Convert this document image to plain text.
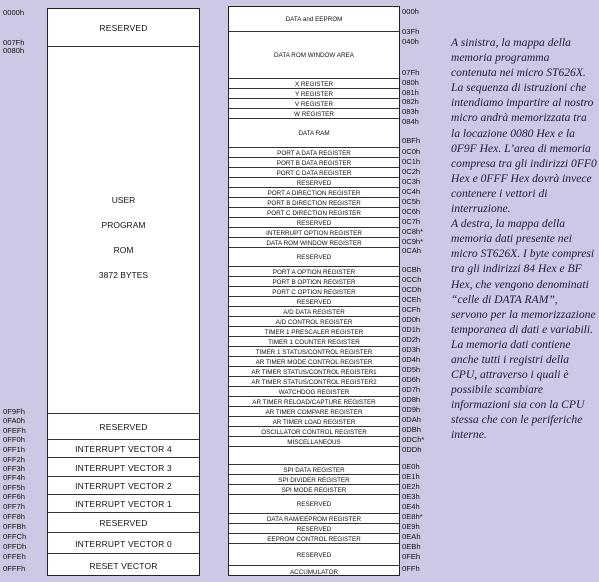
RESERVED
RESERVED
INTERRUPT VECTOR 4
INTERRUPT VECTOR 3
INTERRUPT VECTOR 2
INTERRUPT VECTOR 1
RESERVED
INTERRUPT VECTOR 0
RESET VECTOR
USER
PROGRAM
ROM
3872 BYTES
0000h
007Fh
0080h
0F9Fh
0FA0h
0FEFh
0FF0h
0FF1h
0FF2h
0FF3h
0FF4h
0FF5h
0FF6h
0FF7h
0FF8h
0FFBh
0FFCh
0FFDh
0FFEh
0FFFh
DATA and EEPROM
DATA ROM WINDOW AREA
X REGISTER
Y REGISTER
V REGISTER
W REGISTER
DATA RAM
PORT A DATA REGISTER
PORT B DATA REGISTER
PORT C DATA REGISTER
RESERVED
PORT A DIRECTION REGISTER
PORT B DIRECTION REGISTER
PORT C DIRECTION REGISTER
RESERVED
INTERRUPT OPTION REGISTER
DATA ROM WINDOW REGISTER
RESERVED
PORT A OPTION REGISTER
PORT B OPTION REGISTER
PORT C OPTION REGISTER
RESERVED
A/D DATA REGISTER
A/D CONTROL REGISTER
TIMER 1 PRESCALER REGISTER
TIMER 1 COUNTER REGISTER
TIMER 1 STATUS/CONTROL REGISTER
AR TIMER MODE CONTROL REGISTER
AR TIMER STATUS/CONTROL REGISTER1
AR TIMER STATUS/CONTROL REGISTER2
WATCHDOG REGISTER
AR TIMER RELOAD/CAPTURE REGISTER
AR TIMER COMPARE REGISTER
AR TIMER LOAD REGISTER
OSCILLATOR CONTROL REGISTER
MISCELLANEOUS
SPI DATA REGISTER
SPI DIVIDER REGISTER
SPI MODE REGISTER
RESERVED
DATA RAM/EEPROM REGISTER
RESERVED
EEPROM CONTROL REGISTER
RESERVED
ACCUMULATOR
000h
03Fh
040h
07Fh
080h
081h
082h
083h
084h
0BFh
0C0h
0C1h
0C2h
0C3h
0C4h
0C5h
0C6h
0C7h
0C8h*
0C9h*
0CAh
0CBh
0CCh
0CDh
0CEh
0CFh
0D0h
0D1h
0D2h
0D3h
0D4h
0D5h
0D6h
0D7h
0D8h
0D9h
0DAh
0DBh
0DCh*
0DDh
0E0h
0E1h
0E2h
0E3h
0E4h
0E8h*
0E9h
0EAh
0EBh
0FEh
0FFh

A sinistra, la mappa della memoria programma contenuta nei micro ST626X. La sequenza di istruzioni che intendiamo impartire al nostro micro andrà memorizzata tra la locazione 0080 Hex e la 0F9F Hex. L’area di memoria compresa tra gli indirizzi 0FF0 Hex e 0FFF Hex dovrà invece contenere i vettori di interruzione.

A destra, la mappa della memoria dati presente nei micro ST626X. I byte compresi tra gli indirizzi 84 Hex e BF Hex, che vengono denominati “celle di DATA RAM”, servono per la memorizzazione temporanea di dati e variabili. La memoria dati contiene anche tutti i registri della CPU, attraverso i quali è possibile scambiare informazioni sia con la CPU stessa che con le periferiche interne.
